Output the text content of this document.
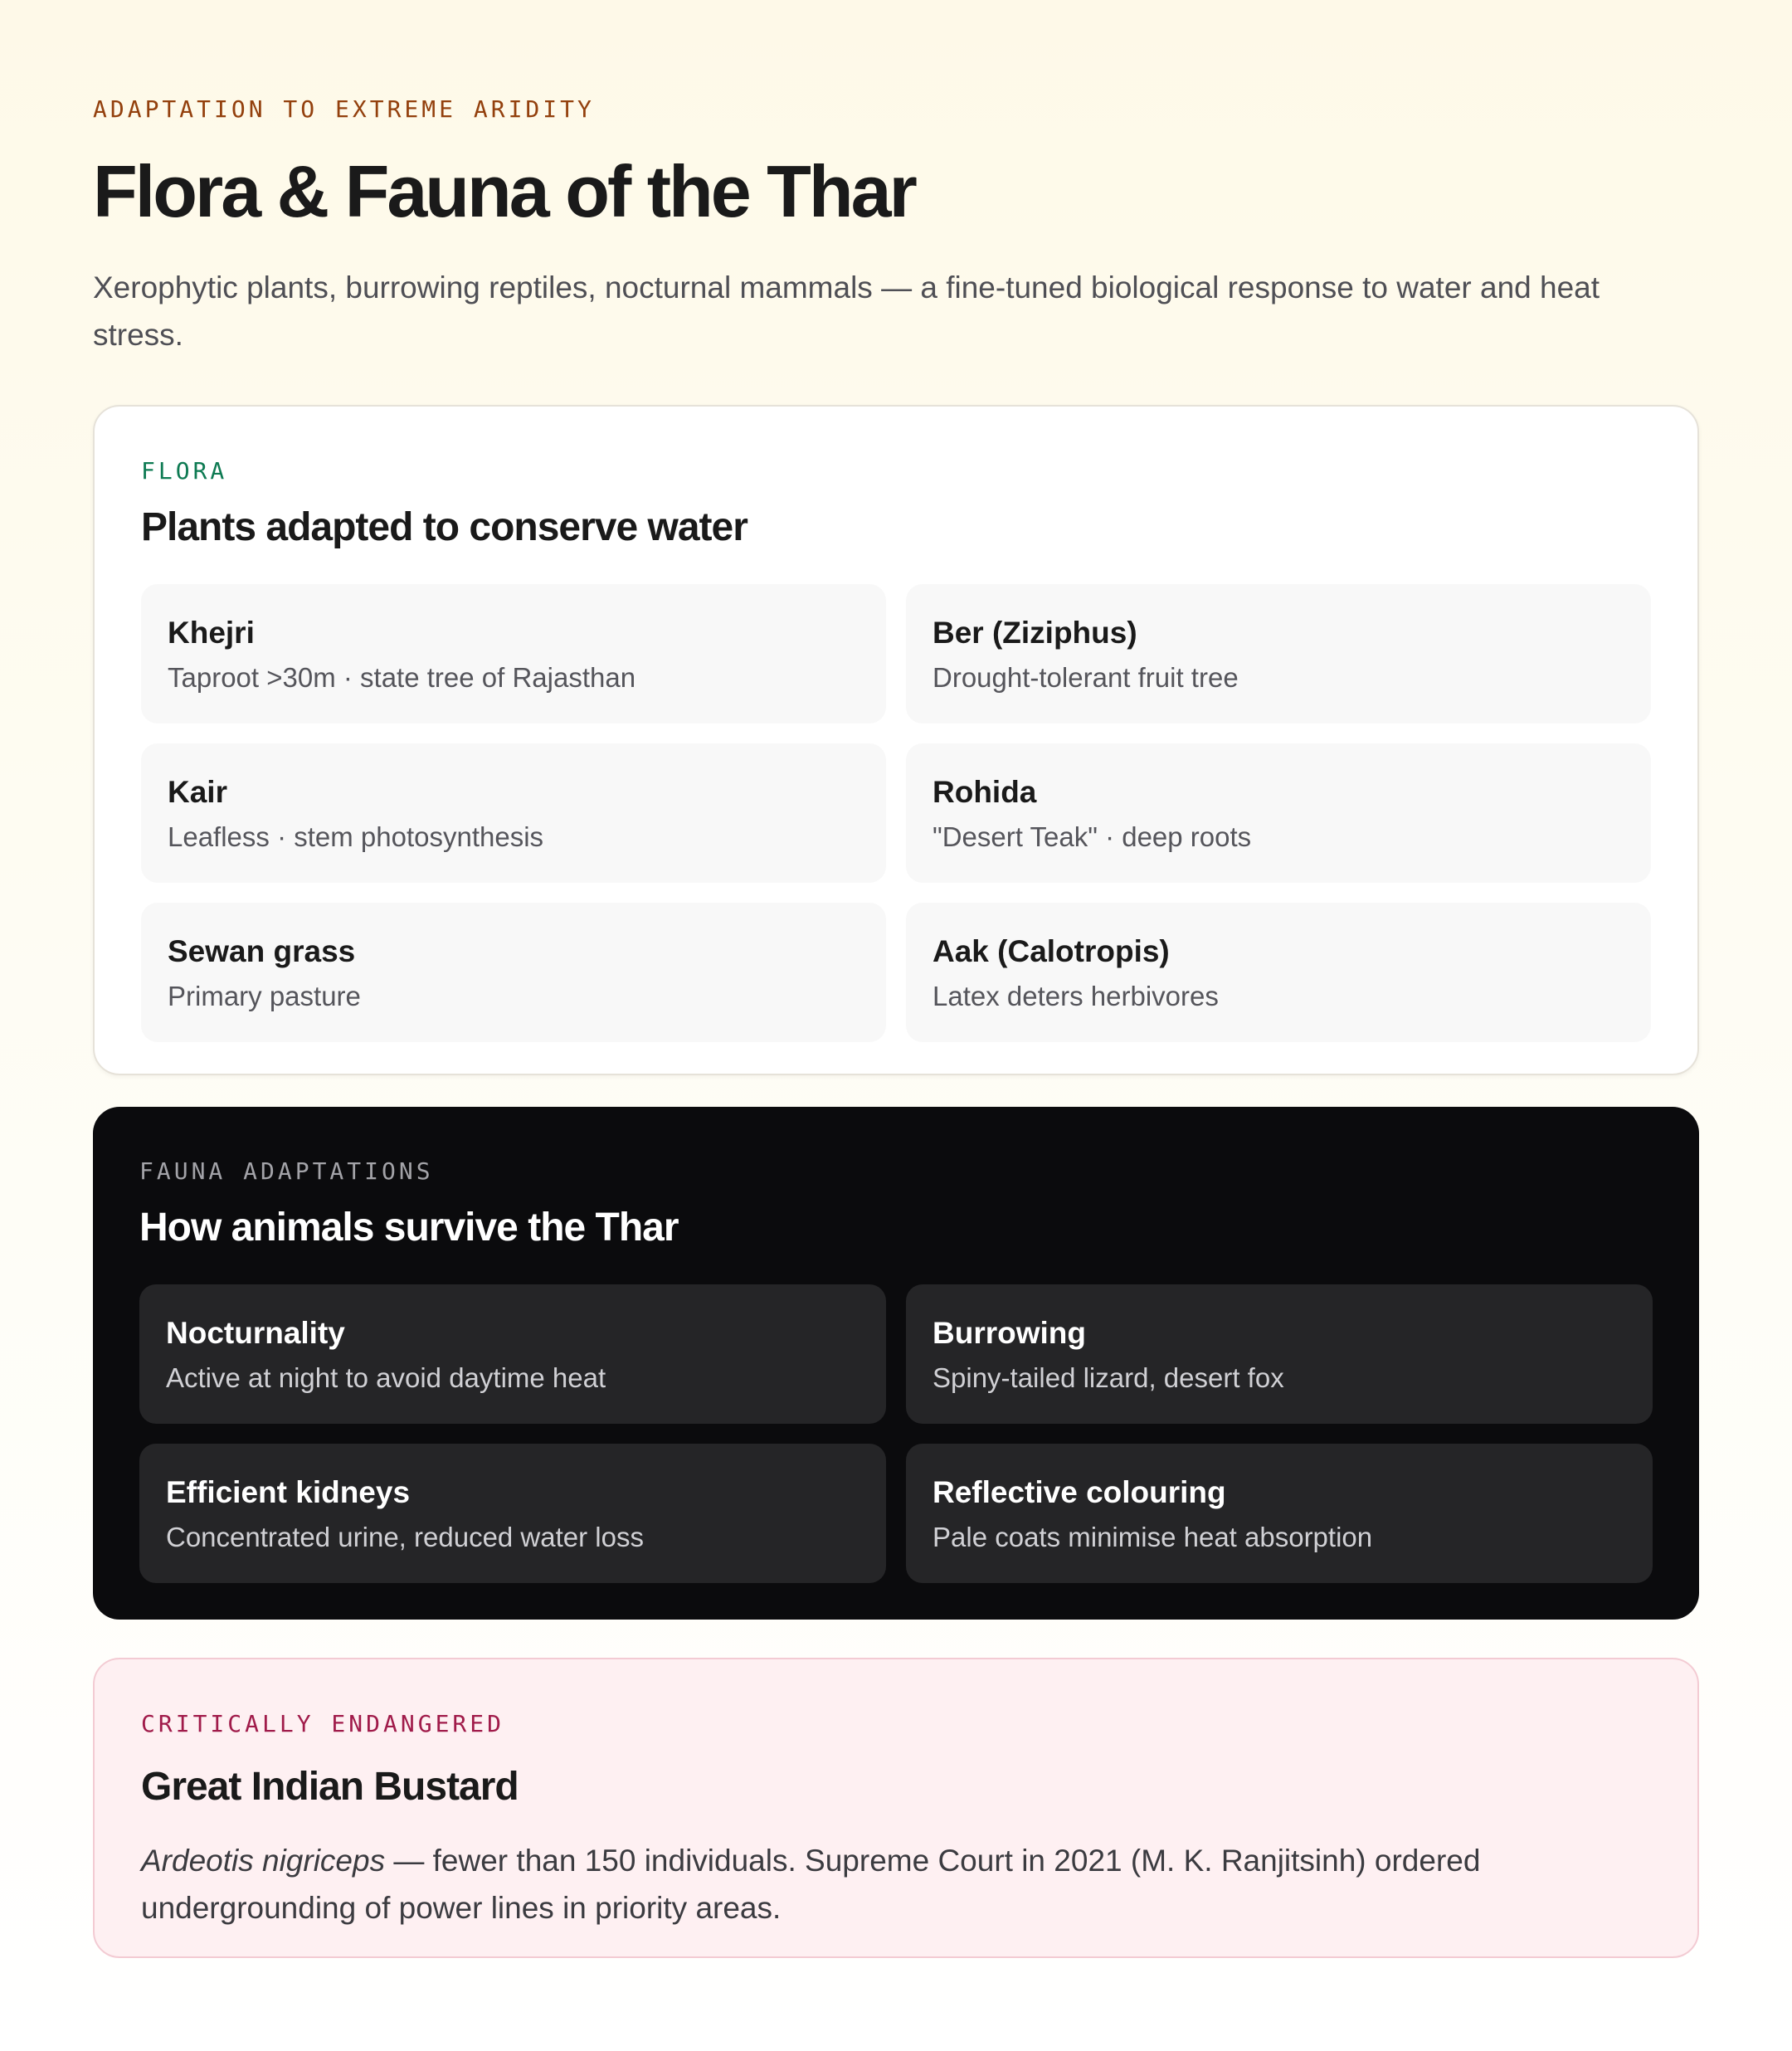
ADAPTATION TO EXTREME ARIDITY

Flora & Fauna of the Thar

Xerophytic plants, burrowing reptiles, nocturnal mammals — a fine-tuned biological response to water and heat stress.

FLORA

Plants adapted to conserve water

Khejri

Taproot >30m · state tree of Rajasthan

Ber (Ziziphus)

Drought-tolerant fruit tree

Kair

Leafless · stem photosynthesis

Rohida

"Desert Teak" · deep roots

Sewan grass

Primary pasture

Aak (Calotropis)

Latex deters herbivores

FAUNA ADAPTATIONS

How animals survive the Thar

Nocturnality

Active at night to avoid daytime heat

Burrowing

Spiny-tailed lizard, desert fox

Efficient kidneys

Concentrated urine, reduced water loss

Reflective colouring

Pale coats minimise heat absorption

CRITICALLY ENDANGERED

Great Indian Bustard

Ardeotis nigriceps — fewer than 150 individuals. Supreme Court in 2021 (M. K. Ranjitsinh) ordered undergrounding of power lines in priority areas.
